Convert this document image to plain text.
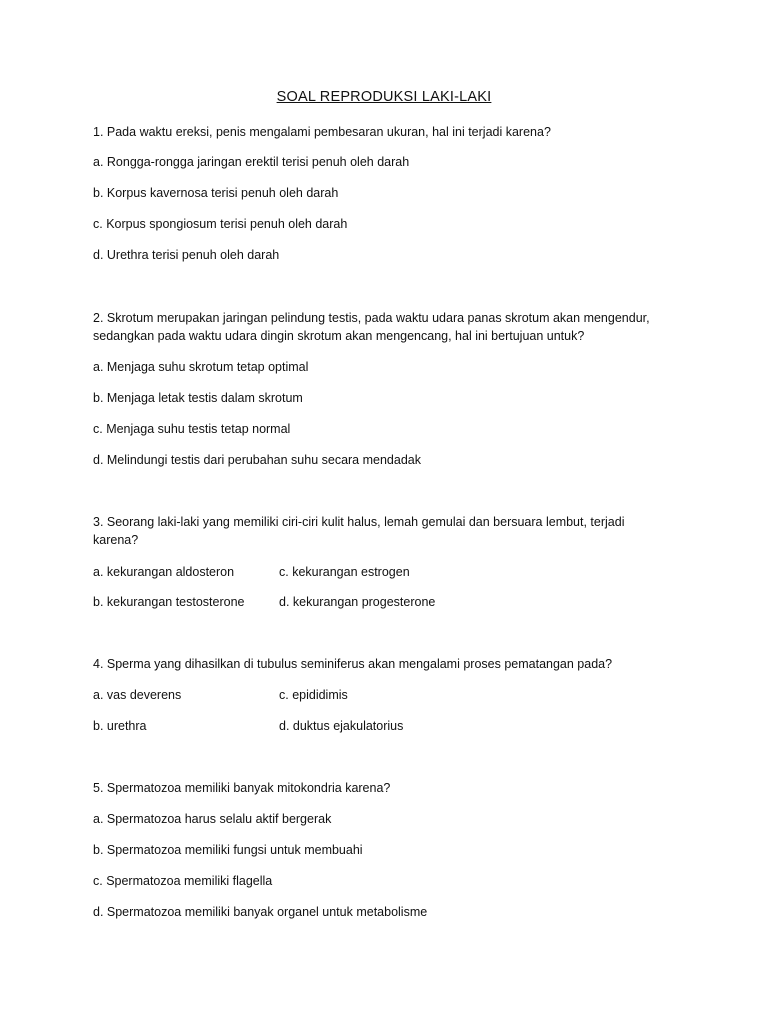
SOAL REPRODUKSI LAKI-LAKI
1. Pada waktu ereksi, penis mengalami pembesaran ukuran, hal ini terjadi karena?
a. Rongga-rongga jaringan erektil terisi penuh oleh darah
b. Korpus kavernosa terisi penuh oleh darah
c. Korpus spongiosum terisi penuh oleh darah
d. Urethra terisi penuh oleh darah
2. Skrotum merupakan jaringan pelindung testis, pada waktu udara panas skrotum akan mengendur,
sedangkan pada waktu udara dingin skrotum akan mengencang, hal ini bertujuan untuk?
a. Menjaga suhu skrotum tetap optimal
b. Menjaga letak testis dalam skrotum
c. Menjaga suhu testis tetap normal
d. Melindungi testis dari perubahan suhu secara mendadak
3. Seorang laki-laki yang memiliki ciri-ciri kulit halus, lemah gemulai dan bersuara lembut, terjadi
karena?
a. kekurangan aldosteron	c. kekurangan estrogen
b. kekurangan testosterone	d. kekurangan progesterone
4. Sperma yang dihasilkan di tubulus seminiferus akan mengalami proses pematangan pada?
a. vas deverens	c. epididimis
b. urethra	d. duktus ejakulatorius
5. Spermatozoa memiliki banyak mitokondria karena?
a. Spermatozoa harus selalu aktif bergerak
b. Spermatozoa memiliki fungsi untuk membuahi
c. Spermatozoa memiliki flagella
d. Spermatozoa memiliki banyak organel untuk metabolisme
